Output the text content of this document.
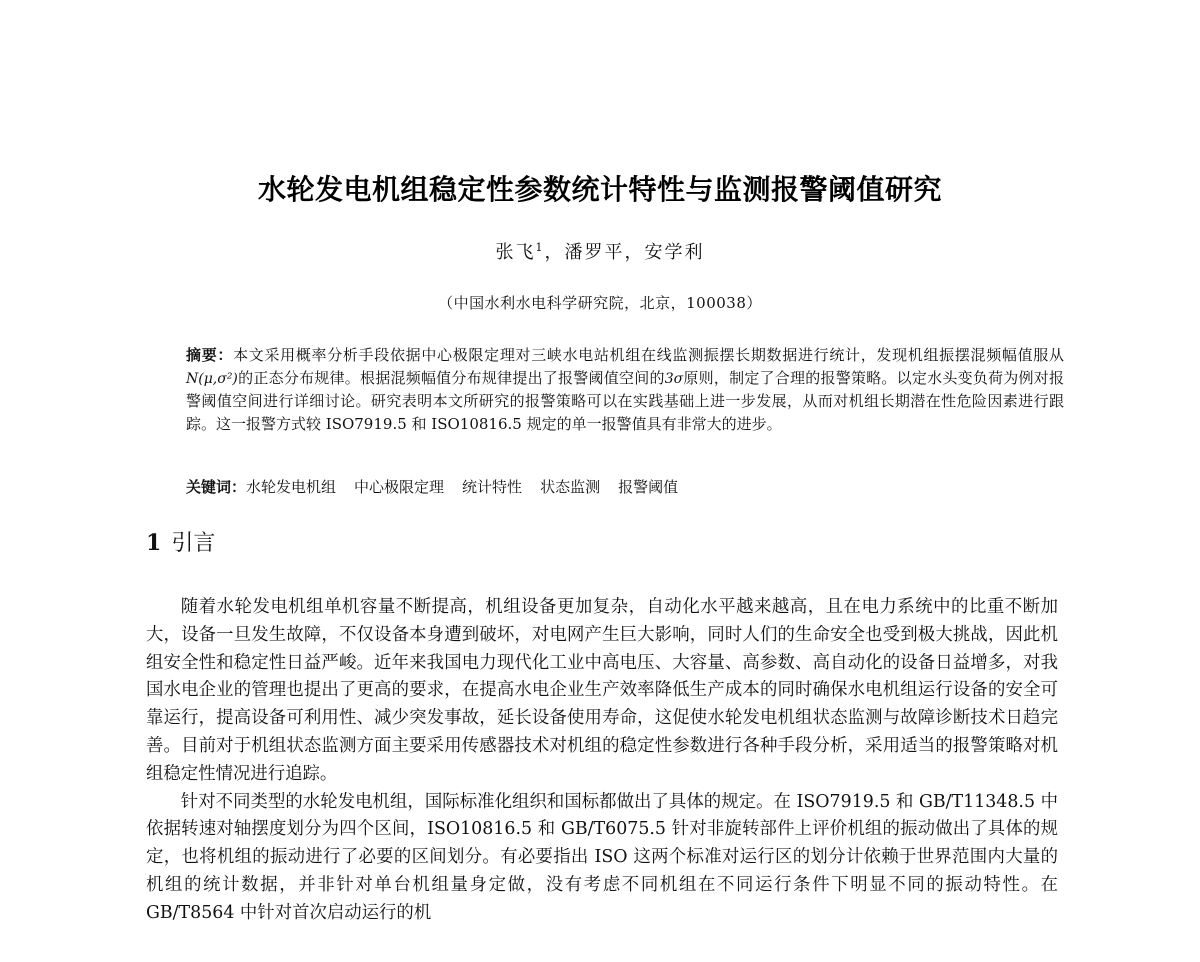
水轮发电机组稳定性参数统计特性与监测报警阈值研究
张飞$^1$，潘罗平，安学利
（中国水利水电科学研究院，北京，100038）

摘要：本文采用概率分析手段依据中心极限定理对三峡水电站机组在线监测振摆长期数据进行统计，发现机组振摆混频幅值服从N(μ,σ²)的正态分布规律。根据混频幅值分布规律提出了报警阈值空间的3σ原则，制定了合理的报警策略。以定水头变负荷为例对报警阈值空间进行详细讨论。研究表明本文所研究的报警策略可以在实践基础上进一步发展，从而对机组长期潜在性危险因素进行跟踪。这一报警方式较 ISO7919.5 和 ISO10816.5 规定的单一报警值具有非常大的进步。

关键词：水轮发电机组 中心极限定理 统计特性 状态监测 报警阈值

1 引言

随着水轮发电机组单机容量不断提高，机组设备更加复杂，自动化水平越来越高，且在电力系统中的比重不断加大，设备一旦发生故障，不仅设备本身遭到破坏，对电网产生巨大影响，同时人们的生命安全也受到极大挑战，因此机组安全性和稳定性日益严峻。近年来我国电力现代化工业中高电压、大容量、高参数、高自动化的设备日益增多，对我国水电企业的管理也提出了更高的要求，在提高水电企业生产效率降低生产成本的同时确保水电机组运行设备的安全可靠运行，提高设备可利用性、减少突发事故，延长设备使用寿命，这促使水轮发电机组状态监测与故障诊断技术日趋完善。目前对于机组状态监测方面主要采用传感器技术对机组的稳定性参数进行各种手段分析，采用适当的报警策略对机组稳定性情况进行追踪。

针对不同类型的水轮发电机组，国际标准化组织和国标都做出了具体的规定。在 ISO7919.5 和 GB/T11348.5 中依据转速对轴摆度划分为四个区间，ISO10816.5 和 GB/T6075.5 针对非旋转部件上评价机组的振动做出了具体的规定，也将机组的振动进行了必要的区间划分。有必要指出 ISO 这两个标准对运行区的划分计依赖于世界范围内大量的机组的统计数据，并非针对单台机组量身定做，没有考虑不同机组在不同运行条件下明显不同的振动特性。在 GB/T8564 中针对首次启动运行的机
